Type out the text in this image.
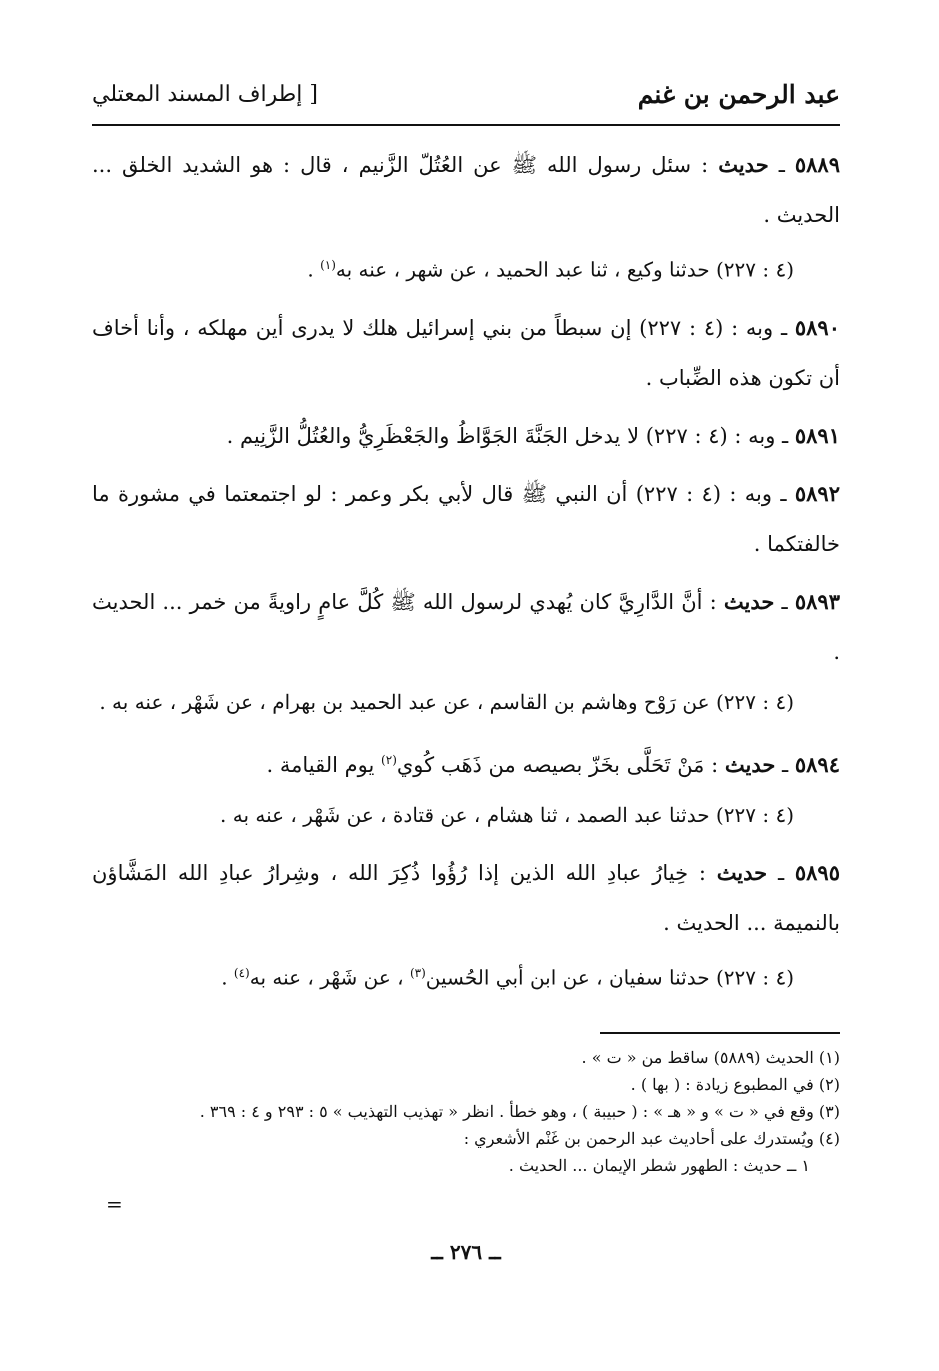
عبد الرحمن بن غنم
[ إطراف المسند المعتلي

٥٨٨٩ ـ حديث : سئل رسول الله ﷺ عن العُتُلّ الزَّنيم ، قال : هو الشديد الخلق ... الحديث .

(٤ : ٢٢٧) حدثنا وكيع ، ثنا عبد الحميد ، عن شهر ، عنه به$^{(١)}$ .

٥٨٩٠ ـ وبه : (٤ : ٢٢٧) إن سبطاً من بني إسرائيل هلك لا يدرى أين مهلكه ، وأنا أخاف أن تكون هذه الضِّباب .

٥٨٩١ ـ وبه : (٤ : ٢٢٧) لا يدخل الجَنَّةَ الجَوَّاظُ والجَعْظَرِيُّ والعُتُلُّ الزَّنِيم .

٥٨٩٢ ـ وبه : (٤ : ٢٢٧) أن النبي ﷺ قال لأبي بكر وعمر : لو اجتمعتما في مشورة ما خالفتكما .

٥٨٩٣ ـ حديث : أنَّ الدَّارِيَّ كان يُهدي لرسول الله ﷺ كُلَّ عامٍ راويةً من خمر ... الحديث .

(٤ : ٢٢٧) عن رَوْح وهاشم بن القاسم ، عن عبد الحميد بن بهرام ، عن شَهْر ، عنه به .

٥٨٩٤ ـ حديث : مَنْ تَحَلَّى بخَزّ بصيصه من ذَهَب كُوي$^{(٢)}$ يوم القيامة .

(٤ : ٢٢٧) حدثنا عبد الصمد ، ثنا هشام ، عن قتادة ، عن شَهْر ، عنه به .

٥٨٩٥ ـ حديث : خِيارُ عبادِ الله الذين إذا رُؤُوا ذُكِرَ الله ، وشِرارُ عبادِ الله المَشَّاؤن بالنميمة ... الحديث .

(٤ : ٢٢٧) حدثنا سفيان ، عن ابن أبي الحُسين$^{(٣)}$ ، عن شَهْر ، عنه به$^{(٤)}$ .

(١) الحديث (٥٨٨٩) ساقط من « ت » .

(٢) في المطبوع زيادة : ( بها ) .

(٣) وقع في « ت » و « هـ » : ( حبيبة ) ، وهو خطأ . انظر « تهذيب التهذيب » ٥ : ٢٩٣ و ٤ : ٣٦٩ .

(٤) ويُستدرك على أحاديث عبد الرحمن بن غَنْم الأشعري :

١ ــ حديث : الطهور شطر الإيمان ... الحديث .

=
ــ ٢٧٦ ــ
